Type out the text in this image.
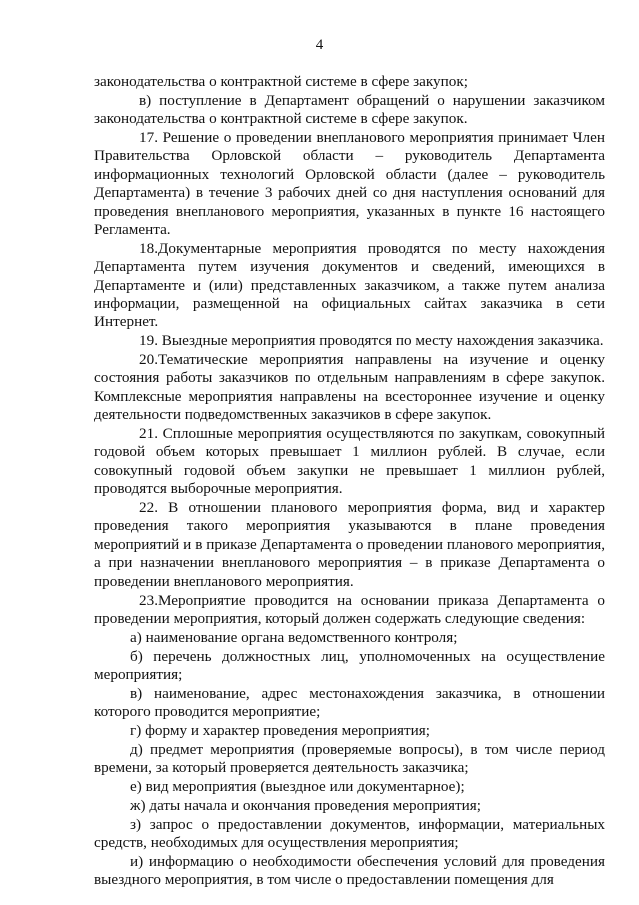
4

законодательства о контрактной системе в сфере закупок;

в) поступление в Департамент обращений о нарушении заказчиком законодательства о контрактной системе в сфере закупок.

17. Решение о проведении внепланового мероприятия принимает Член Правительства Орловской области – руководитель Департамента информационных технологий Орловской области (далее – руководитель Департамента) в течение 3 рабочих дней со дня наступления оснований для проведения внепланового мероприятия, указанных в пункте 16 настоящего Регламента.

18.Документарные мероприятия проводятся по месту нахождения Департамента путем изучения документов и сведений, имеющихся в Департаменте и (или) представленных заказчиком, а также путем анализа информации, размещенной на официальных сайтах заказчика в сети Интернет.

19. Выездные мероприятия проводятся по месту нахождения заказчика.

20.Тематические мероприятия направлены на изучение и оценку состояния работы заказчиков по отдельным направлениям в сфере закупок. Комплексные мероприятия направлены на всестороннее изучение и оценку деятельности подведомственных заказчиков в сфере закупок.

21. Сплошные мероприятия осуществляются по закупкам, совокупный годовой объем которых превышает 1 миллион рублей. В случае, если совокупный годовой объем закупки не превышает 1 миллион рублей, проводятся выборочные мероприятия.

22. В отношении планового мероприятия форма, вид и характер проведения такого мероприятия указываются в плане проведения мероприятий и в приказе Департамента о проведении планового мероприятия, а при назначении внепланового мероприятия – в приказе Департамента о проведении внепланового мероприятия.

23.Мероприятие проводится на основании приказа Департамента о проведении мероприятия, который должен содержать следующие сведения:

а) наименование органа ведомственного контроля;

б) перечень должностных лиц, уполномоченных на осуществление мероприятия;

в) наименование, адрес местонахождения заказчика, в отношении которого проводится мероприятие;

г) форму и характер проведения мероприятия;

д) предмет мероприятия (проверяемые вопросы), в том числе период времени, за который проверяется деятельность заказчика;

е) вид мероприятия (выездное или документарное);

ж) даты начала и окончания проведения мероприятия;

з) запрос о предоставлении документов, информации, материальных средств, необходимых для осуществления мероприятия;

и) информацию о необходимости обеспечения условий для проведения выездного мероприятия, в том числе о предоставлении помещения для
